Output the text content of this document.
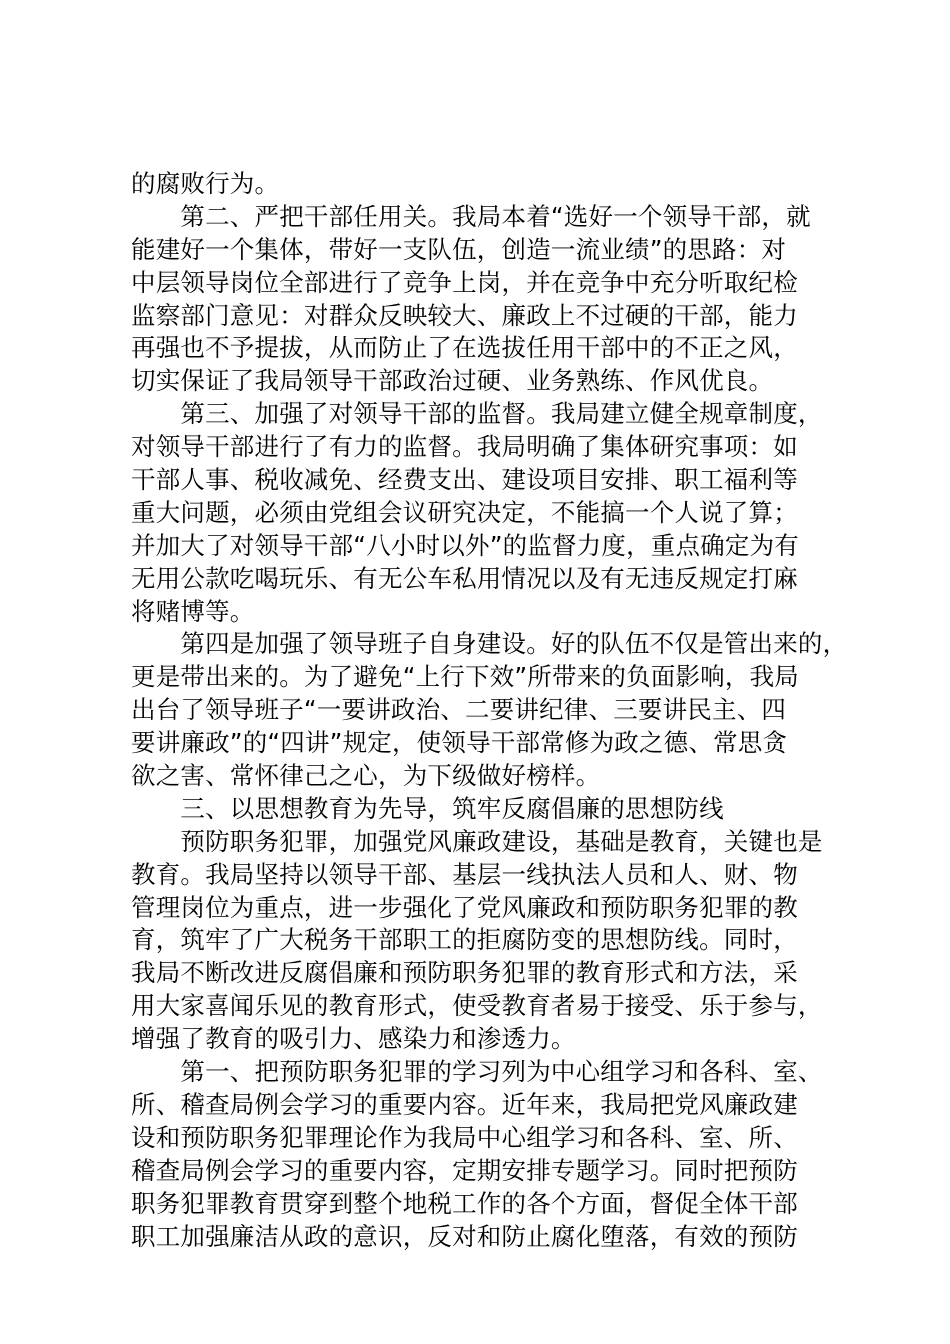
的腐败行为。
　　第二、严把干部任用关。我局本着“选好一个领导干部，就
能建好一个集体，带好一支队伍，创造一流业绩”的思路：对
中层领导岗位全部进行了竞争上岗，并在竞争中充分听取纪检
监察部门意见：对群众反映较大、廉政上不过硬的干部，能力
再强也不予提拔，从而防止了在选拔任用干部中的不正之风，
切实保证了我局领导干部政治过硬、业务熟练、作风优良。
　　第三、加强了对领导干部的监督。我局建立健全规章制度，
对领导干部进行了有力的监督。我局明确了集体研究事项：如
干部人事、税收减免、经费支出、建设项目安排、职工福利等
重大问题，必须由党组会议研究决定，不能搞一个人说了算；
并加大了对领导干部“八小时以外”的监督力度，重点确定为有
无用公款吃喝玩乐、有无公车私用情况以及有无违反规定打麻
将赌博等。
　　第四是加强了领导班子自身建设。好的队伍不仅是管出来的，
更是带出来的。为了避免“上行下效”所带来的负面影响，我局
出台了领导班子“一要讲政治、二要讲纪律、三要讲民主、四
要讲廉政”的“四讲”规定，使领导干部常修为政之德、常思贪
欲之害、常怀律己之心，为下级做好榜样。
　　三、以思想教育为先导，筑牢反腐倡廉的思想防线
　　预防职务犯罪，加强党风廉政建设，基础是教育，关键也是
教育。我局坚持以领导干部、基层一线执法人员和人、财、物
管理岗位为重点，进一步强化了党风廉政和预防职务犯罪的教
育，筑牢了广大税务干部职工的拒腐防变的思想防线。同时，
我局不断改进反腐倡廉和预防职务犯罪的教育形式和方法，采
用大家喜闻乐见的教育形式，使受教育者易于接受、乐于参与，
增强了教育的吸引力、感染力和渗透力。
　　第一、把预防职务犯罪的学习列为中心组学习和各科、室、
所、稽查局例会学习的重要内容。近年来，我局把党风廉政建
设和预防职务犯罪理论作为我局中心组学习和各科、室、所、
稽查局例会学习的重要内容，定期安排专题学习。同时把预防
职务犯罪教育贯穿到整个地税工作的各个方面，督促全体干部
职工加强廉洁从政的意识，反对和防止腐化堕落，有效的预防
